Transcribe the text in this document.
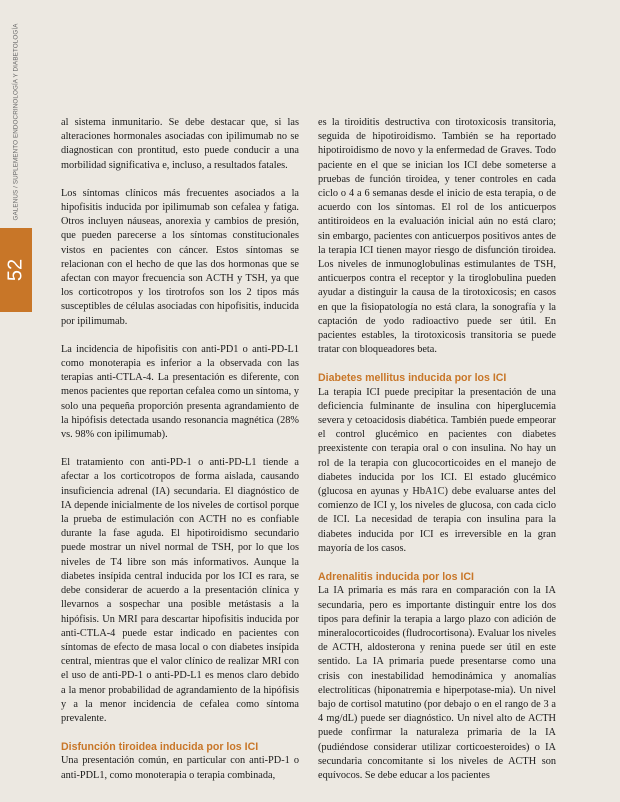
GALENUS / SUPLEMENTO ENDOCRINOLOGÍA Y DIABETOLOGÍA
52

al sistema inmunitario. Se debe destacar que, si las alteraciones hormonales asociadas con ipilimumab no se diagnostican con prontitud, esto puede conducir a una morbilidad significativa e, incluso, a resultados fatales.

Los síntomas clínicos más frecuentes asociados a la hipofisitis inducida por ipilimumab son cefalea y fatiga. Otros incluyen náuseas, anorexia y cambios de presión, que pueden parecerse a los síntomas constitucionales vistos en pacientes con cáncer. Estos síntomas se relacionan con el hecho de que las dos hormonas que se afectan con mayor frecuencia son ACTH y TSH, ya que los corticotropos y los tirotrofos son los 2 tipos más susceptibles de células asociadas con hipofisitis, inducida por ipilimumab.

La incidencia de hipofisitis con anti-PD1 o anti-PD-L1 como monoterapia es inferior a la observada con las terapias anti-CTLA-4. La presentación es diferente, con menos pacientes que reportan cefalea como un síntoma, y solo una pequeña proporción presenta agrandamiento de la hipófisis detectada usando resonancia magnética (28% vs. 98% con ipilimumab).

El tratamiento con anti-PD-1 o anti-PD-L1 tiende a afectar a los corticotropos de forma aislada, causando insuficiencia adrenal (IA) secundaria. El diagnóstico de IA depende inicialmente de los niveles de cortisol porque la prueba de estimulación con ACTH no es confiable durante la fase aguda. El hipotiroidismo secundario puede mostrar un nivel normal de TSH, por lo que los niveles de T4 libre son más informativos. Aunque la diabetes insípida central inducida por los ICI es rara, se debe considerar de acuerdo a la presentación clínica y llevarnos a sospechar una posible metástasis a la hipófisis. Un MRI para descartar hipofisitis inducida por anti-CTLA-4 puede estar indicado en pacientes con síntomas de efecto de masa local o con diabetes insípida central, mientras que el valor clínico de realizar MRI con el uso de anti-PD-1 o anti-PD-L1 es menos claro debido a la menor probabilidad de agrandamiento de la hipófisis y a la menor incidencia de cefalea como síntoma prevalente.

Disfunción tiroidea inducida por los ICI

Una presentación común, en particular con anti-PD-1 o anti-PDL1, como monoterapia o terapia combinada,

es la tiroiditis destructiva con tirotoxicosis transitoria, seguida de hipotiroidismo. También se ha reportado hipotiroidismo de novo y la enfermedad de Graves. Todo paciente en el que se inician los ICI debe someterse a pruebas de función tiroidea, y tener controles en cada ciclo o 4 a 6 semanas desde el inicio de esta terapia, o de acuerdo con los síntomas. El rol de los anticuerpos antitiroideos en la evaluación inicial aún no está claro; sin embargo, pacientes con anticuerpos positivos antes de la terapia ICI tienen mayor riesgo de disfunción tiroidea. Los niveles de inmunoglobulinas estimulantes de TSH, anticuerpos contra el receptor y la tiroglobulina pueden ayudar a distinguir la causa de la tirotoxicosis; en casos en que la fisiopatología no está clara, la sonografía y la captación de yodo radioactivo puede ser útil. En pacientes estables, la tirotoxicosis transitoria se puede tratar con bloqueadores beta.

Diabetes mellitus inducida por los ICI

La terapia ICI puede precipitar la presentación de una deficiencia fulminante de insulina con hiperglucemia severa y cetoacidosis diabética. También puede empeorar el control glucémico en pacientes con diabetes preexistente con terapia oral o con insulina. No hay un rol de la terapia con glucocorticoides en el manejo de diabetes inducida por los ICI. El estado glucémico (glucosa en ayunas y HbA1C) debe evaluarse antes del comienzo de ICI y, los niveles de glucosa, con cada ciclo de ICI. La necesidad de terapia con insulina para la diabetes inducida por ICI es irreversible en la gran mayoría de los casos.

Adrenalitis inducida por los ICI

La IA primaria es más rara en comparación con la IA secundaria, pero es importante distinguir entre los dos tipos para definir la terapia a largo plazo con adición de mineralocorticoides (fludrocortisona). Evaluar los niveles de ACTH, aldosterona y renina puede ser útil en este sentido. La IA primaria puede presentarse como una crisis con inestabilidad hemodinámica y anomalías electrolíticas (hiponatremia e hiperpotase-mia). Un nivel bajo de cortisol matutino (por debajo o en el rango de 3 a 4 mg/dL) puede ser diagnóstico. Un nivel alto de ACTH puede confirmar la naturaleza primaria de la IA (pudiéndose considerar utilizar corticoesteroides) o IA secundaria concomitante si los niveles de ACTH son equívocos. Se debe educar a los pacientes
